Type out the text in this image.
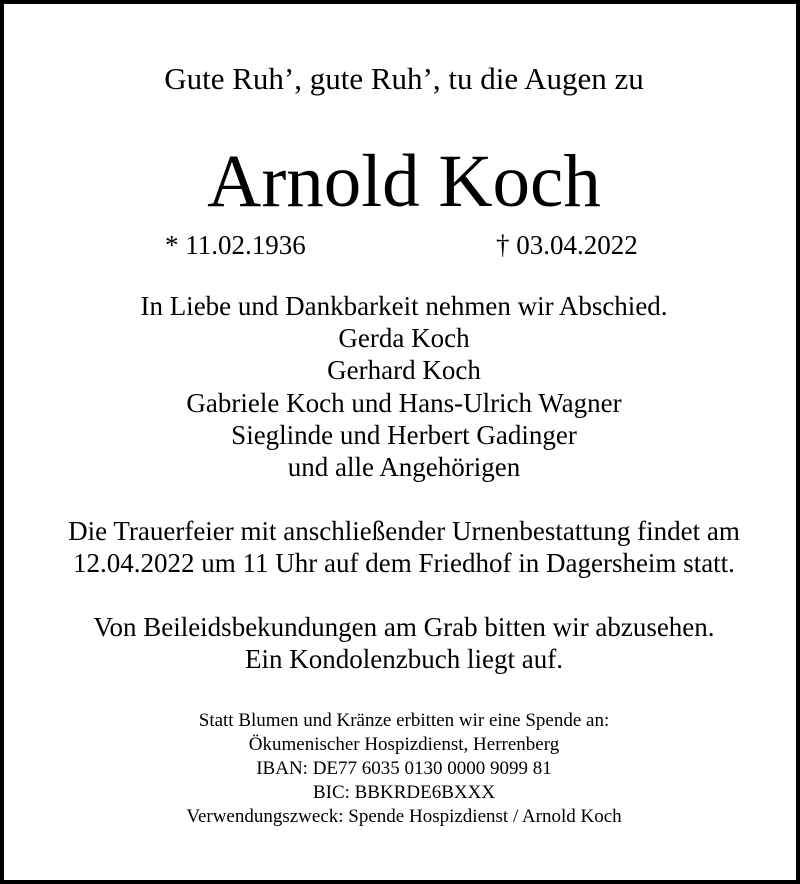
Gute Ruh’, gute Ruh’, tu die Augen zu
Arnold Koch
* 11.02.1936	† 03.04.2022
In Liebe und Dankbarkeit nehmen wir Abschied.
Gerda Koch
Gerhard Koch
Gabriele Koch und Hans-Ulrich Wagner
Sieglinde und Herbert Gadinger
und alle Angehörigen
Die Trauerfeier mit anschließender Urnenbestattung findet am
12.04.2022 um 11 Uhr auf dem Friedhof in Dagersheim statt.
Von Beileidsbekundungen am Grab bitten wir abzusehen.
Ein Kondolenzbuch liegt auf.
Statt Blumen und Kränze erbitten wir eine Spende an:
Ökumenischer Hospizdienst, Herrenberg
IBAN: DE77 6035 0130 0000 9099 81
BIC: BBKRDE6BXXX
Verwendungszweck: Spende Hospizdienst / Arnold Koch
